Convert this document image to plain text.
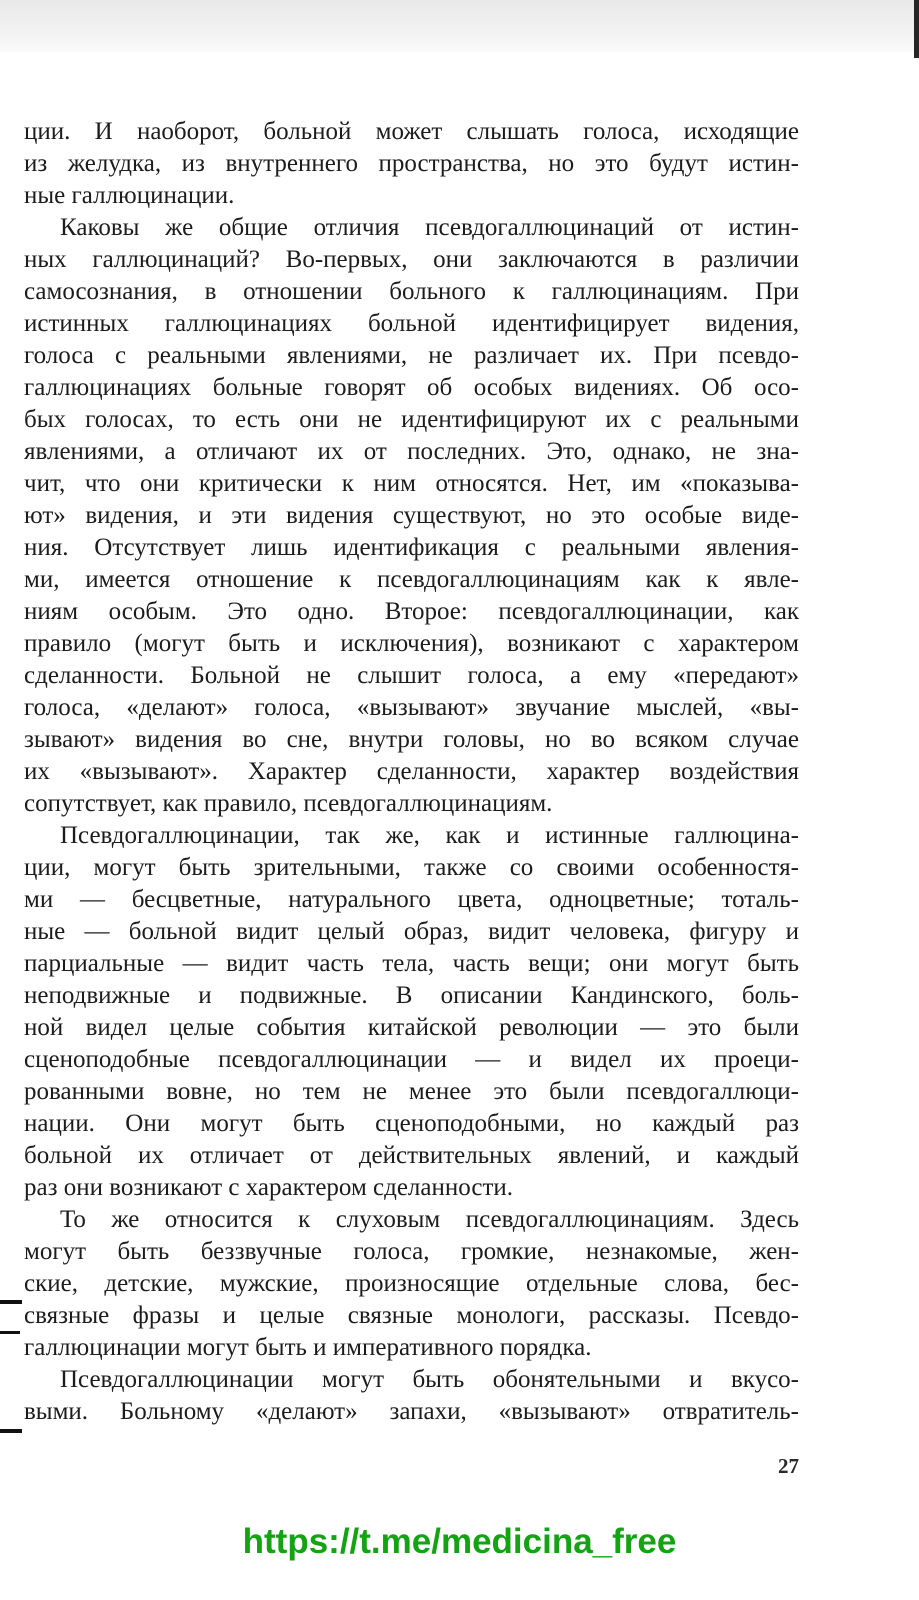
ции. И наоборот, больной может слышать голоса, исходящие
из желудка, из внутреннего пространства, но это будут истин-
ные галлюцинации.
Каковы же общие отличия псевдогаллюцинаций от истин-
ных галлюцинаций? Во-первых, они заключаются в различии
самосознания, в отношении больного к галлюцинациям. При
истинных галлюцинациях больной идентифицирует видения,
голоса с реальными явлениями, не различает их. При псевдо-
галлюцинациях больные говорят об особых видениях. Об осо-
бых голосах, то есть они не идентифицируют их с реальными
явлениями, а отличают их от последних. Это, однако, не зна-
чит, что они критически к ним относятся. Нет, им «показыва-
ют» видения, и эти видения существуют, но это особые виде-
ния. Отсутствует лишь идентификация с реальными явления-
ми, имеется отношение к псевдогаллюцинациям как к явле-
ниям особым. Это одно. Второе: псевдогаллюцинации, как
правило (могут быть и исключения), возникают с характером
сделанности. Больной не слышит голоса, а ему «передают»
голоса, «делают» голоса, «вызывают» звучание мыслей, «вы-
зывают» видения во сне, внутри головы, но во всяком случае
их «вызывают». Характер сделанности, характер воздействия
сопутствует, как правило, псевдогаллюцинациям.
Псевдогаллюцинации, так же, как и истинные галлюцина-
ции, могут быть зрительными, также со своими особенностя-
ми — бесцветные, натурального цвета, одноцветные; тоталь-
ные — больной видит целый образ, видит человека, фигуру и
парциальные — видит часть тела, часть вещи; они могут быть
неподвижные и подвижные. В описании Кандинского, боль-
ной видел целые события китайской революции — это были
сценоподобные псевдогаллюцинации — и видел их проеци-
рованными вовне, но тем не менее это были псевдогаллюци-
нации. Они могут быть сценоподобными, но каждый раз
больной их отличает от действительных явлений, и каждый
раз они возникают с характером сделанности.
То же относится к слуховым псевдогаллюцинациям. Здесь
могут быть беззвучные голоса, громкие, незнакомые, жен-
ские, детские, мужские, произносящие отдельные слова, бес-
связные фразы и целые связные монологи, рассказы. Псевдо-
галлюцинации могут быть и императивного порядка.
Псевдогаллюцинации могут быть обонятельными и вкусо-
выми. Больному «делают» запахи, «вызывают» отвратитель-
27
https://t.me/medicina_free
